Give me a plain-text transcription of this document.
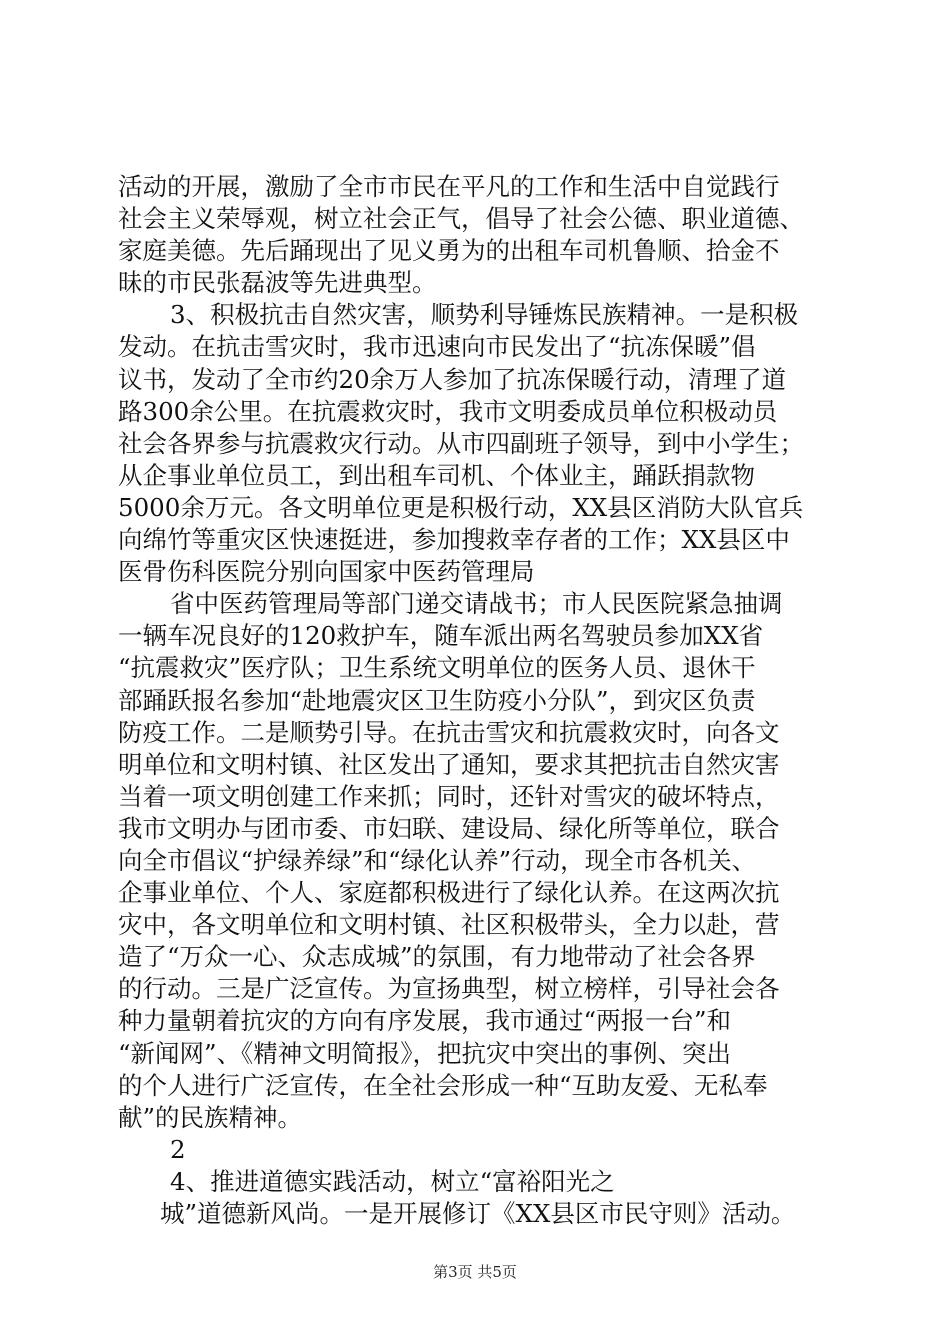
活动的开展，激励了全市市民在平凡的工作和生活中自觉践行
社会主义荣辱观，树立社会正气，倡导了社会公德、职业道德、
家庭美德。先后踊现出了见义勇为的出租车司机鲁顺、拾金不
昧的市民张磊波等先进典型。
3、积极抗击自然灾害，顺势利导锤炼民族精神。一是积极
发动。在抗击雪灾时，我市迅速向市民发出了“抗冻保暖”倡
议书，发动了全市约20余万人参加了抗冻保暖行动，清理了道
路300余公里。在抗震救灾时，我市文明委成员单位积极动员
社会各界参与抗震救灾行动。从市四副班子领导，到中小学生；
从企事业单位员工，到出租车司机、个体业主，踊跃捐款物
5000余万元。各文明单位更是积极行动，XX县区消防大队官兵
向绵竹等重灾区快速挺进，参加搜救幸存者的工作；XX县区中
医骨伤科医院分别向国家中医药管理局
省中医药管理局等部门递交请战书；市人民医院紧急抽调
一辆车况良好的120救护车，随车派出两名驾驶员参加XX省
“抗震救灾”医疗队；卫生系统文明单位的医务人员、退休干
部踊跃报名参加“赴地震灾区卫生防疫小分队”，到灾区负责
防疫工作。二是顺势引导。在抗击雪灾和抗震救灾时，向各文
明单位和文明村镇、社区发出了通知，要求其把抗击自然灾害
当着一项文明创建工作来抓；同时，还针对雪灾的破坏特点，
我市文明办与团市委、市妇联、建设局、绿化所等单位，联合
向全市倡议“护绿养绿”和“绿化认养”行动，现全市各机关、
企事业单位、个人、家庭都积极进行了绿化认养。在这两次抗
灾中，各文明单位和文明村镇、社区积极带头，全力以赴，营
造了“万众一心、众志成城”的氛围，有力地带动了社会各界
的行动。三是广泛宣传。为宣扬典型，树立榜样，引导社会各
种力量朝着抗灾的方向有序发展，我市通过“两报一台”和
“新闻网”、《精神文明简报》，把抗灾中突出的事例、突出
的个人进行广泛宣传，在全社会形成一种“互助友爱、无私奉
献”的民族精神。
2
4、推进道德实践活动，树立“富裕阳光之
城”道德新风尚。一是开展修订《XX县区市民守则》活动。
第3页 共5页
